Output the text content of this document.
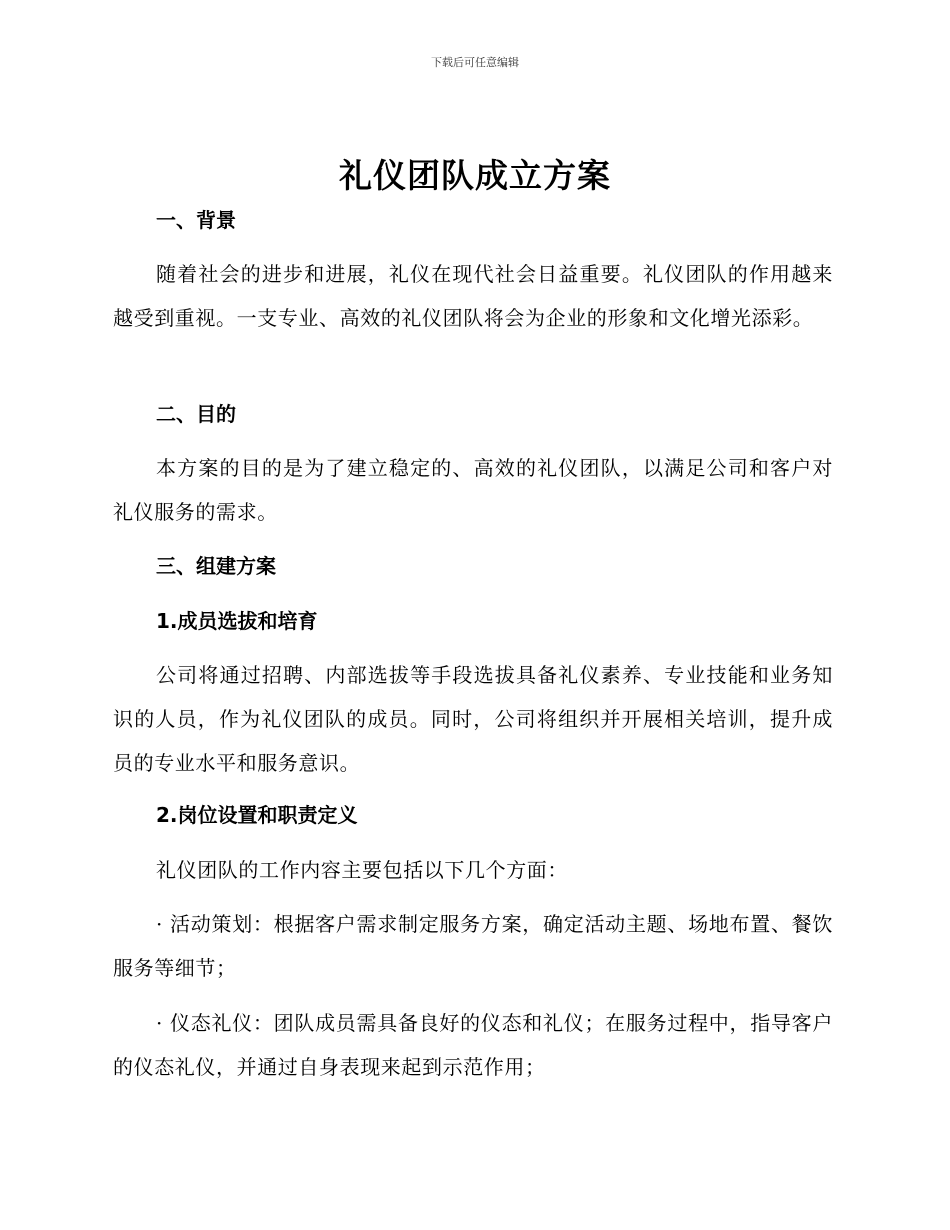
下载后可任意编辑
礼仪团队成立方案
一、背景
随着社会的进步和进展，礼仪在现代社会日益重要。礼仪团队的作用越来越受到重视。一支专业、高效的礼仪团队将会为企业的形象和文化增光添彩。
二、目的
本方案的目的是为了建立稳定的、高效的礼仪团队，以满足公司和客户对礼仪服务的需求。
三、组建方案
1.成员选拔和培育
公司将通过招聘、内部选拔等手段选拔具备礼仪素养、专业技能和业务知识的人员，作为礼仪团队的成员。同时，公司将组织并开展相关培训，提升成员的专业水平和服务意识。
2.岗位设置和职责定义
礼仪团队的工作内容主要包括以下几个方面：
· 活动策划：根据客户需求制定服务方案，确定活动主题、场地布置、餐饮服务等细节；
· 仪态礼仪：团队成员需具备良好的仪态和礼仪；在服务过程中，指导客户的仪态礼仪，并通过自身表现来起到示范作用；
